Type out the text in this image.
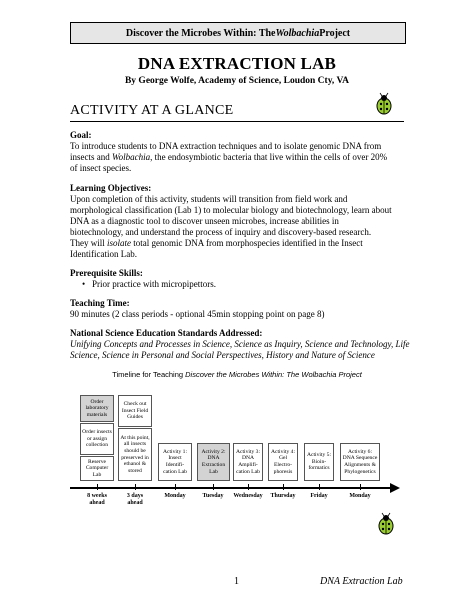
Discover the Microbes Within: The Wolbachia Project
DNA EXTRACTION LAB
By George Wolfe, Academy of Science, Loudon Cty, VA
ACTIVITY AT A GLANCE
Goal:
To introduce students to DNA extraction techniques and to isolate genomic DNA from
insects and Wolbachia, the endosymbiotic bacteria that live within the cells of over 20%
of insect species.
Learning Objectives:
Upon completion of this activity, students will transition from field work and
morphological classification (Lab 1) to molecular biology and biotechnology, learn about
DNA as a diagnostic tool to discover unseen microbes, increase abilities in
biotechnology, and understand the process of inquiry and discovery-based research.
They will isolate total genomic DNA from morphospecies identified in the Insect
Identification Lab.
Prerequisite Skills:
• Prior practice with micropipettors.
Teaching Time:
90 minutes (2 class periods - optional 45min stopping point on page 8)
National Science Education Standards Addressed:
Unifying Concepts and Processes in Science, Science as Inquiry, Science and Technology, Life
Science, Science in Personal and Social Perspectives, History and Nature of Science
Timeline for Teaching Discover the Microbes Within: The Wolbachia Project
Order laboratory materials
Order insects or assign collection
Reserve Computer Lab
Check out Insect Field Guides
At this point, all insects should be preserved in ethanol & stored
Activity 1: Insect Identifi-cation Lab
Activity 2: DNA Extraction Lab
Activity 3: DNA Amplifi-cation Lab
Activity 4: Gel Electro-phoresis
Activity 5: Bioin-formatics
Activity 6: DNA Sequence Alignments & Phylogenetics
8 weeks
ahead
3 days
ahead
Monday	Tuesday	Wednesday	Thursday	Friday	Monday
1	DNA Extraction Lab
